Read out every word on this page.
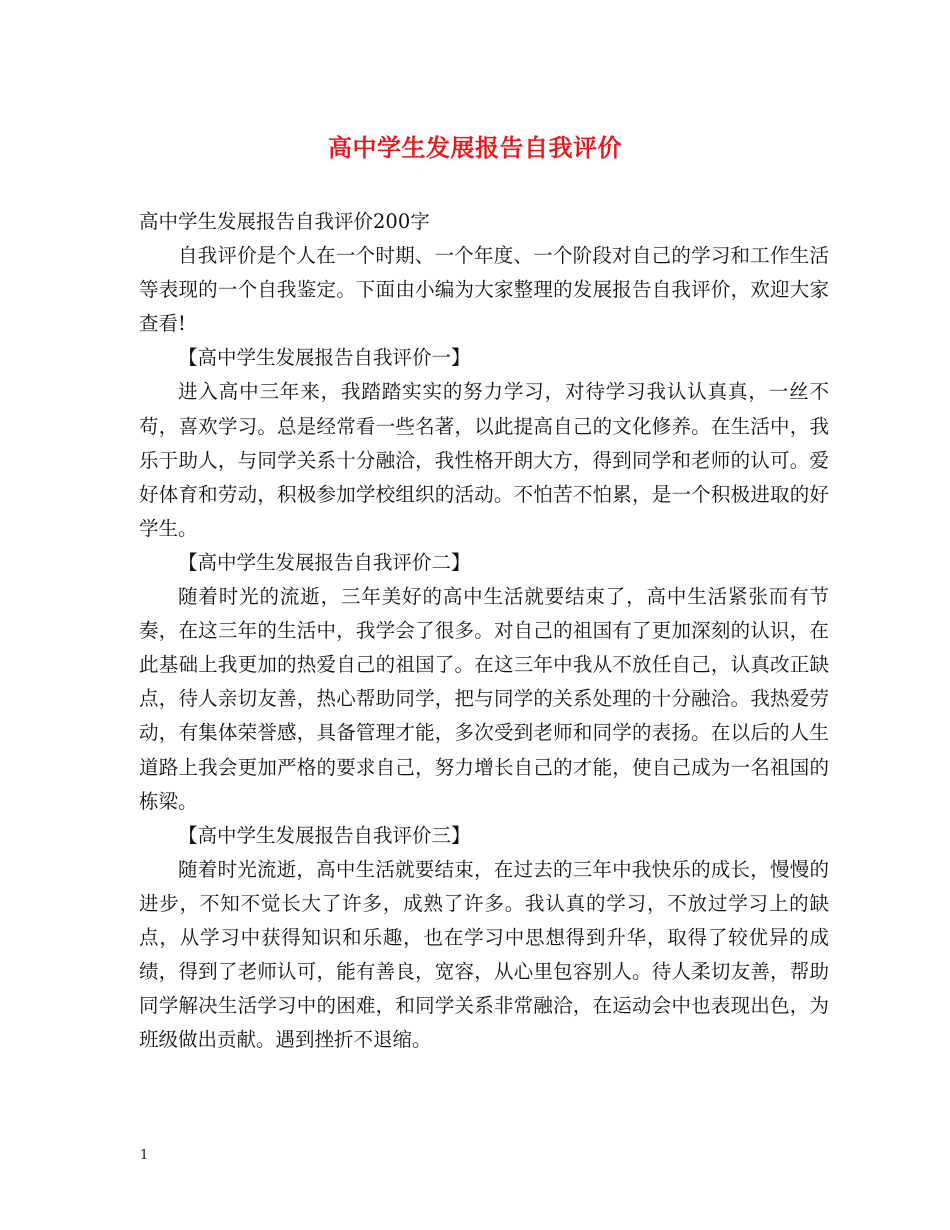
高中学生发展报告自我评价

高中学生发展报告自我评价200字

自我评价是个人在一个时期、一个年度、一个阶段对自己的学习和工作生活等表现的一个自我鉴定。下面由小编为大家整理的发展报告自我评价，欢迎大家查看!

【高中学生发展报告自我评价一】

进入高中三年来，我踏踏实实的努力学习，对待学习我认认真真，一丝不苟，喜欢学习。总是经常看一些名著，以此提高自己的文化修养。在生活中，我乐于助人，与同学关系十分融洽，我性格开朗大方，得到同学和老师的认可。爱好体育和劳动，积极参加学校组织的活动。不怕苦不怕累，是一个积极进取的好学生。

【高中学生发展报告自我评价二】

随着时光的流逝，三年美好的高中生活就要结束了，高中生活紧张而有节奏，在这三年的生活中，我学会了很多。对自己的祖国有了更加深刻的认识，在此基础上我更加的热爱自己的祖国了。在这三年中我从不放任自己，认真改正缺点，待人亲切友善，热心帮助同学，把与同学的关系处理的十分融洽。我热爱劳动，有集体荣誉感，具备管理才能，多次受到老师和同学的表扬。在以后的人生道路上我会更加严格的要求自己，努力增长自己的才能，使自己成为一名祖国的栋梁。

【高中学生发展报告自我评价三】

随着时光流逝，高中生活就要结束，在过去的三年中我快乐的成长，慢慢的进步，不知不觉长大了许多，成熟了许多。我认真的学习，不放过学习上的缺点，从学习中获得知识和乐趣，也在学习中思想得到升华，取得了较优异的成绩，得到了老师认可，能有善良，宽容，从心里包容别人。待人柔切友善，帮助同学解决生活学习中的困难，和同学关系非常融洽，在运动会中也表现出色，为班级做出贡献。遇到挫折不退缩。

1
